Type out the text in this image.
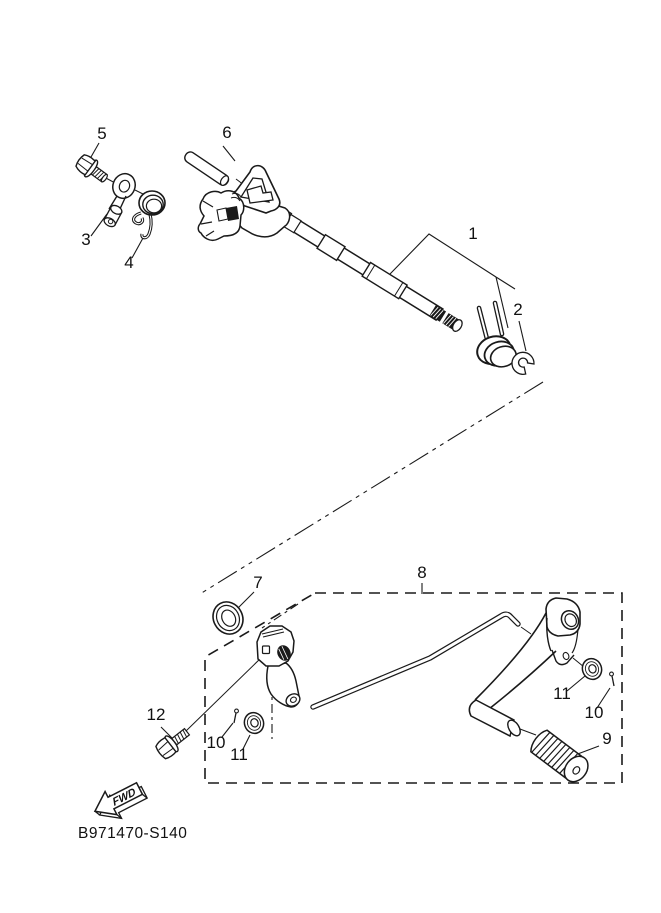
5	6
3
4
1
2
7
8
12
10
11
11
10
9
FWD
B971470-S140
